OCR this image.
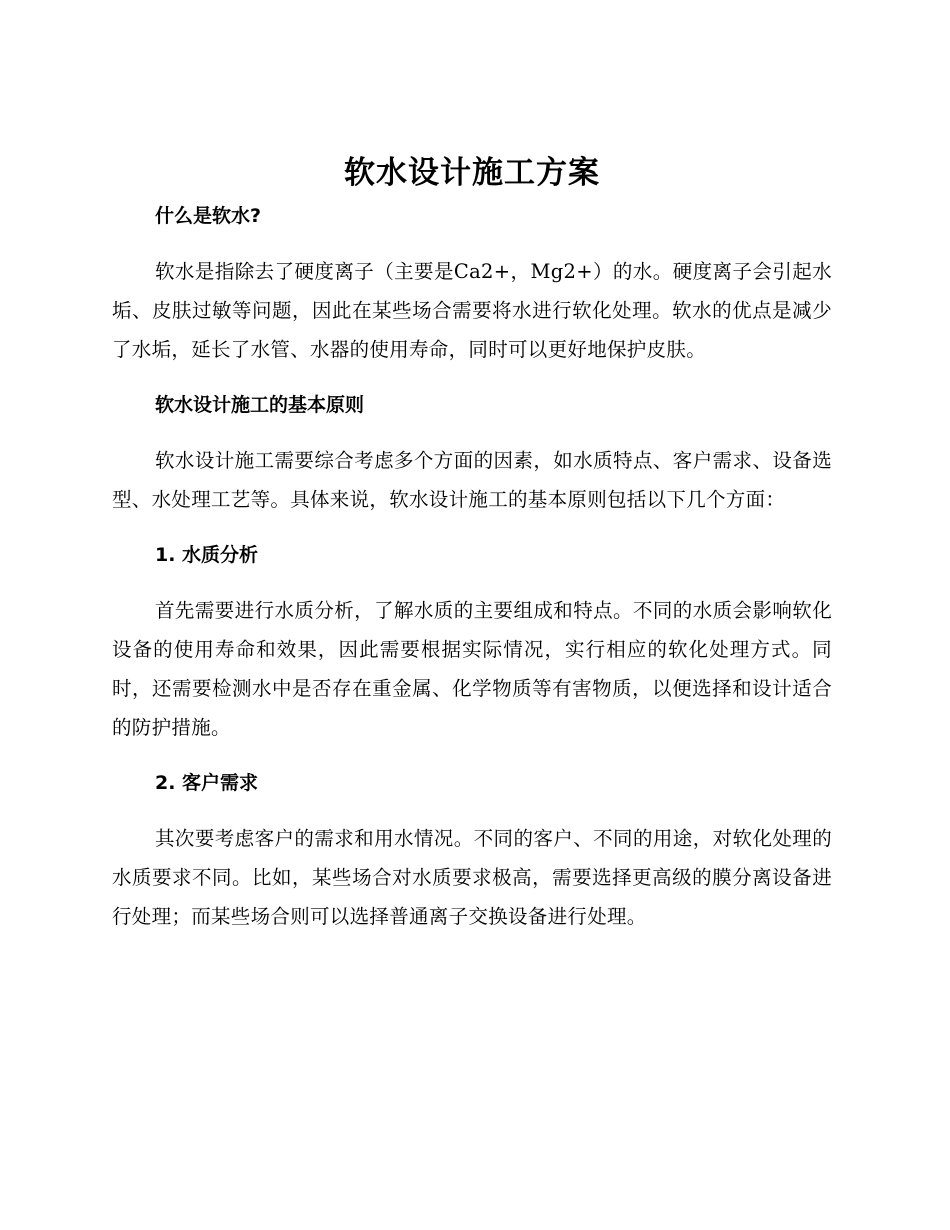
软水设计施工方案
什么是软水?

软水是指除去了硬度离子（主要是Ca2+，Mg2+）的水。硬度离子会引起水垢、皮肤过敏等问题，因此在某些场合需要将水进行软化处理。软水的优点是减少了水垢，延长了水管、水器的使用寿命，同时可以更好地保护皮肤。

软水设计施工的基本原则

软水设计施工需要综合考虑多个方面的因素，如水质特点、客户需求、设备选型、水处理工艺等。具体来说，软水设计施工的基本原则包括以下几个方面：

1. 水质分析

首先需要进行水质分析，了解水质的主要组成和特点。不同的水质会影响软化设备的使用寿命和效果，因此需要根据实际情况，实行相应的软化处理方式。同时，还需要检测水中是否存在重金属、化学物质等有害物质，以便选择和设计适合的防护措施。

2. 客户需求

其次要考虑客户的需求和用水情况。不同的客户、不同的用途，对软化处理的水质要求不同。比如，某些场合对水质要求极高，需要选择更高级的膜分离设备进行处理；而某些场合则可以选择普通离子交换设备进行处理。
